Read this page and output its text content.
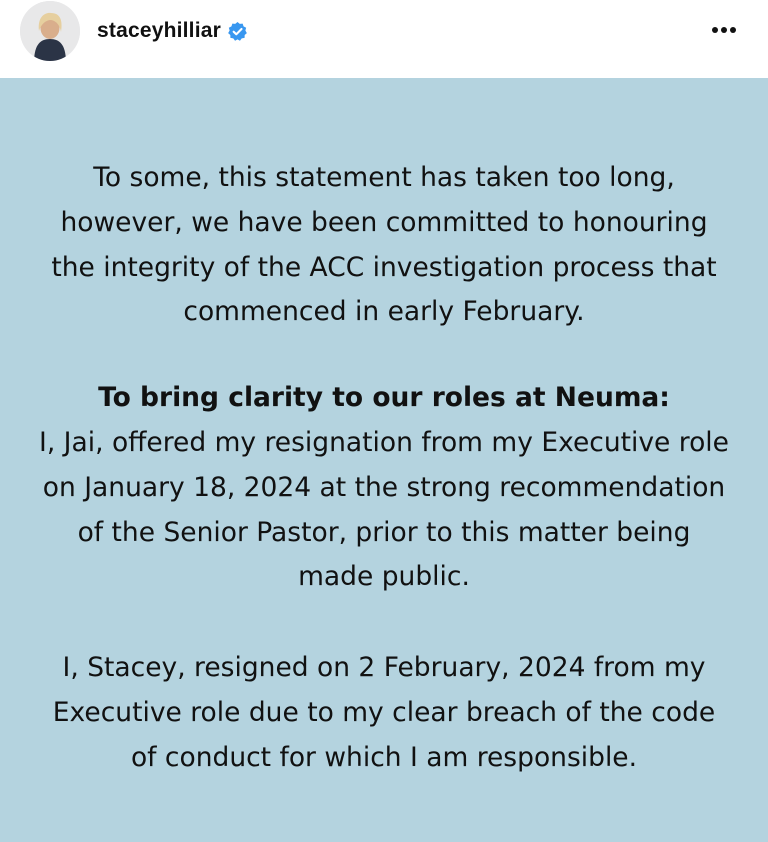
staceyhilliar
To some, this statement has taken too long,
however, we have been committed to honouring
the integrity of the ACC investigation process that
commenced in early February.
To bring clarity to our roles at Neuma:
I, Jai, offered my resignation from my Executive role
on January 18, 2024 at the strong recommendation
of the Senior Pastor, prior to this matter being
made public.
I, Stacey, resigned on 2 February, 2024 from my
Executive role due to my clear breach of the code
of conduct for which I am responsible.
